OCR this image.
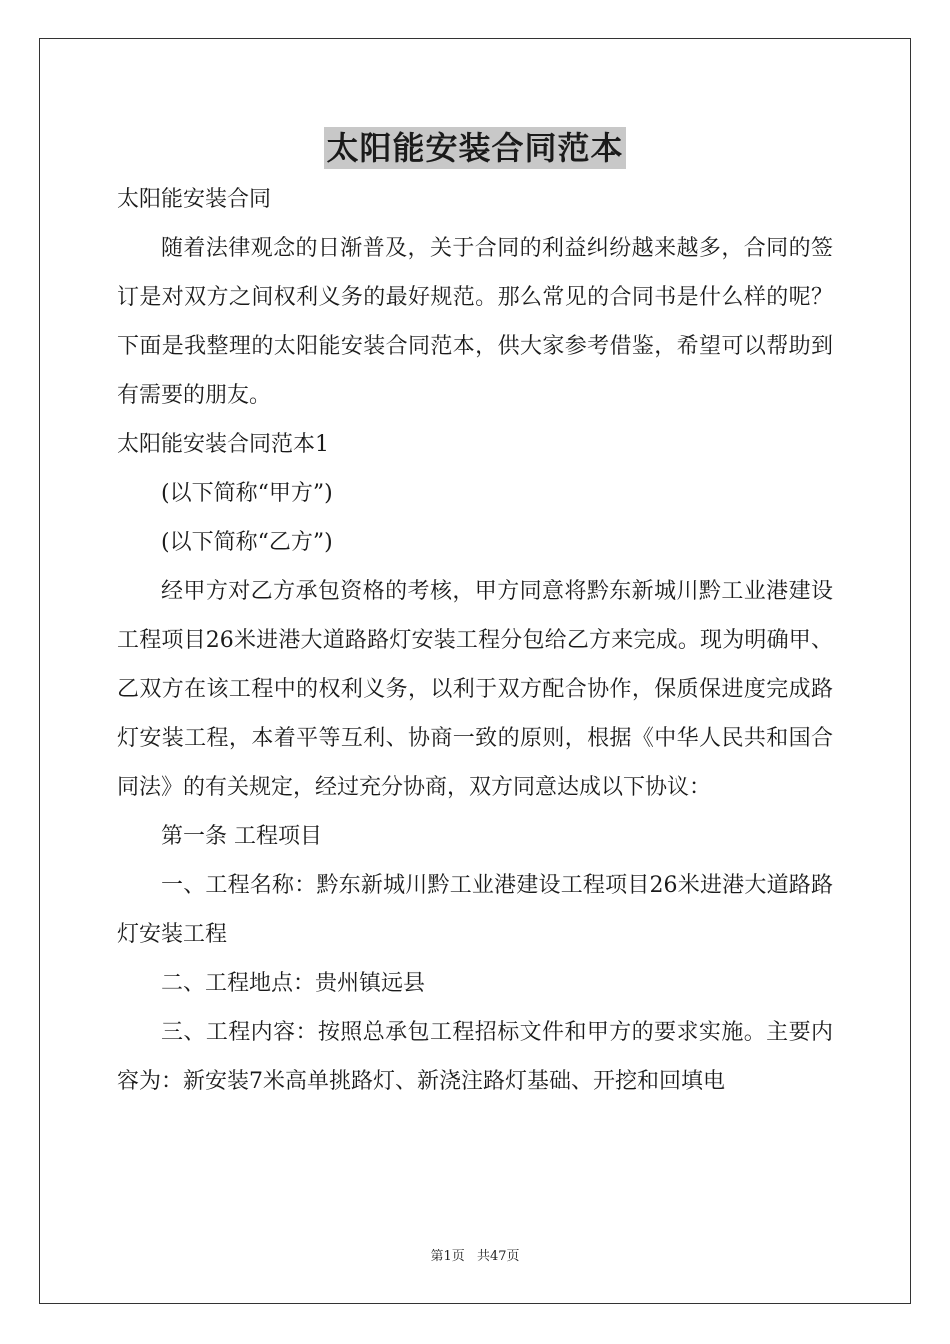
太阳能安装合同范本

太阳能安装合同

随着法律观念的日渐普及，关于合同的利益纠纷越来越多，合同的签订是对双方之间权利义务的最好规范。那么常见的合同书是什么样的呢？下面是我整理的太阳能安装合同范本，供大家参考借鉴，希望可以帮助到有需要的朋友。

太阳能安装合同范本1

(以下简称“甲方”)

(以下简称“乙方”)

经甲方对乙方承包资格的考核，甲方同意将黔东新城川黔工业港建设工程项目26米进港大道路路灯安装工程分包给乙方来完成。现为明确甲、乙双方在该工程中的权利义务，以利于双方配合协作，保质保进度完成路灯安装工程，本着平等互利、协商一致的原则，根据《中华人民共和国合同法》的有关规定，经过充分协商，双方同意达成以下协议：

第一条 工程项目

一、工程名称：黔东新城川黔工业港建设工程项目26米进港大道路路灯安装工程

二、工程地点：贵州镇远县

三、工程内容：按照总承包工程招标文件和甲方的要求实施。主要内容为：新安装7米高单挑路灯、新浇注路灯基础、开挖和回填电

第1页 共47页
